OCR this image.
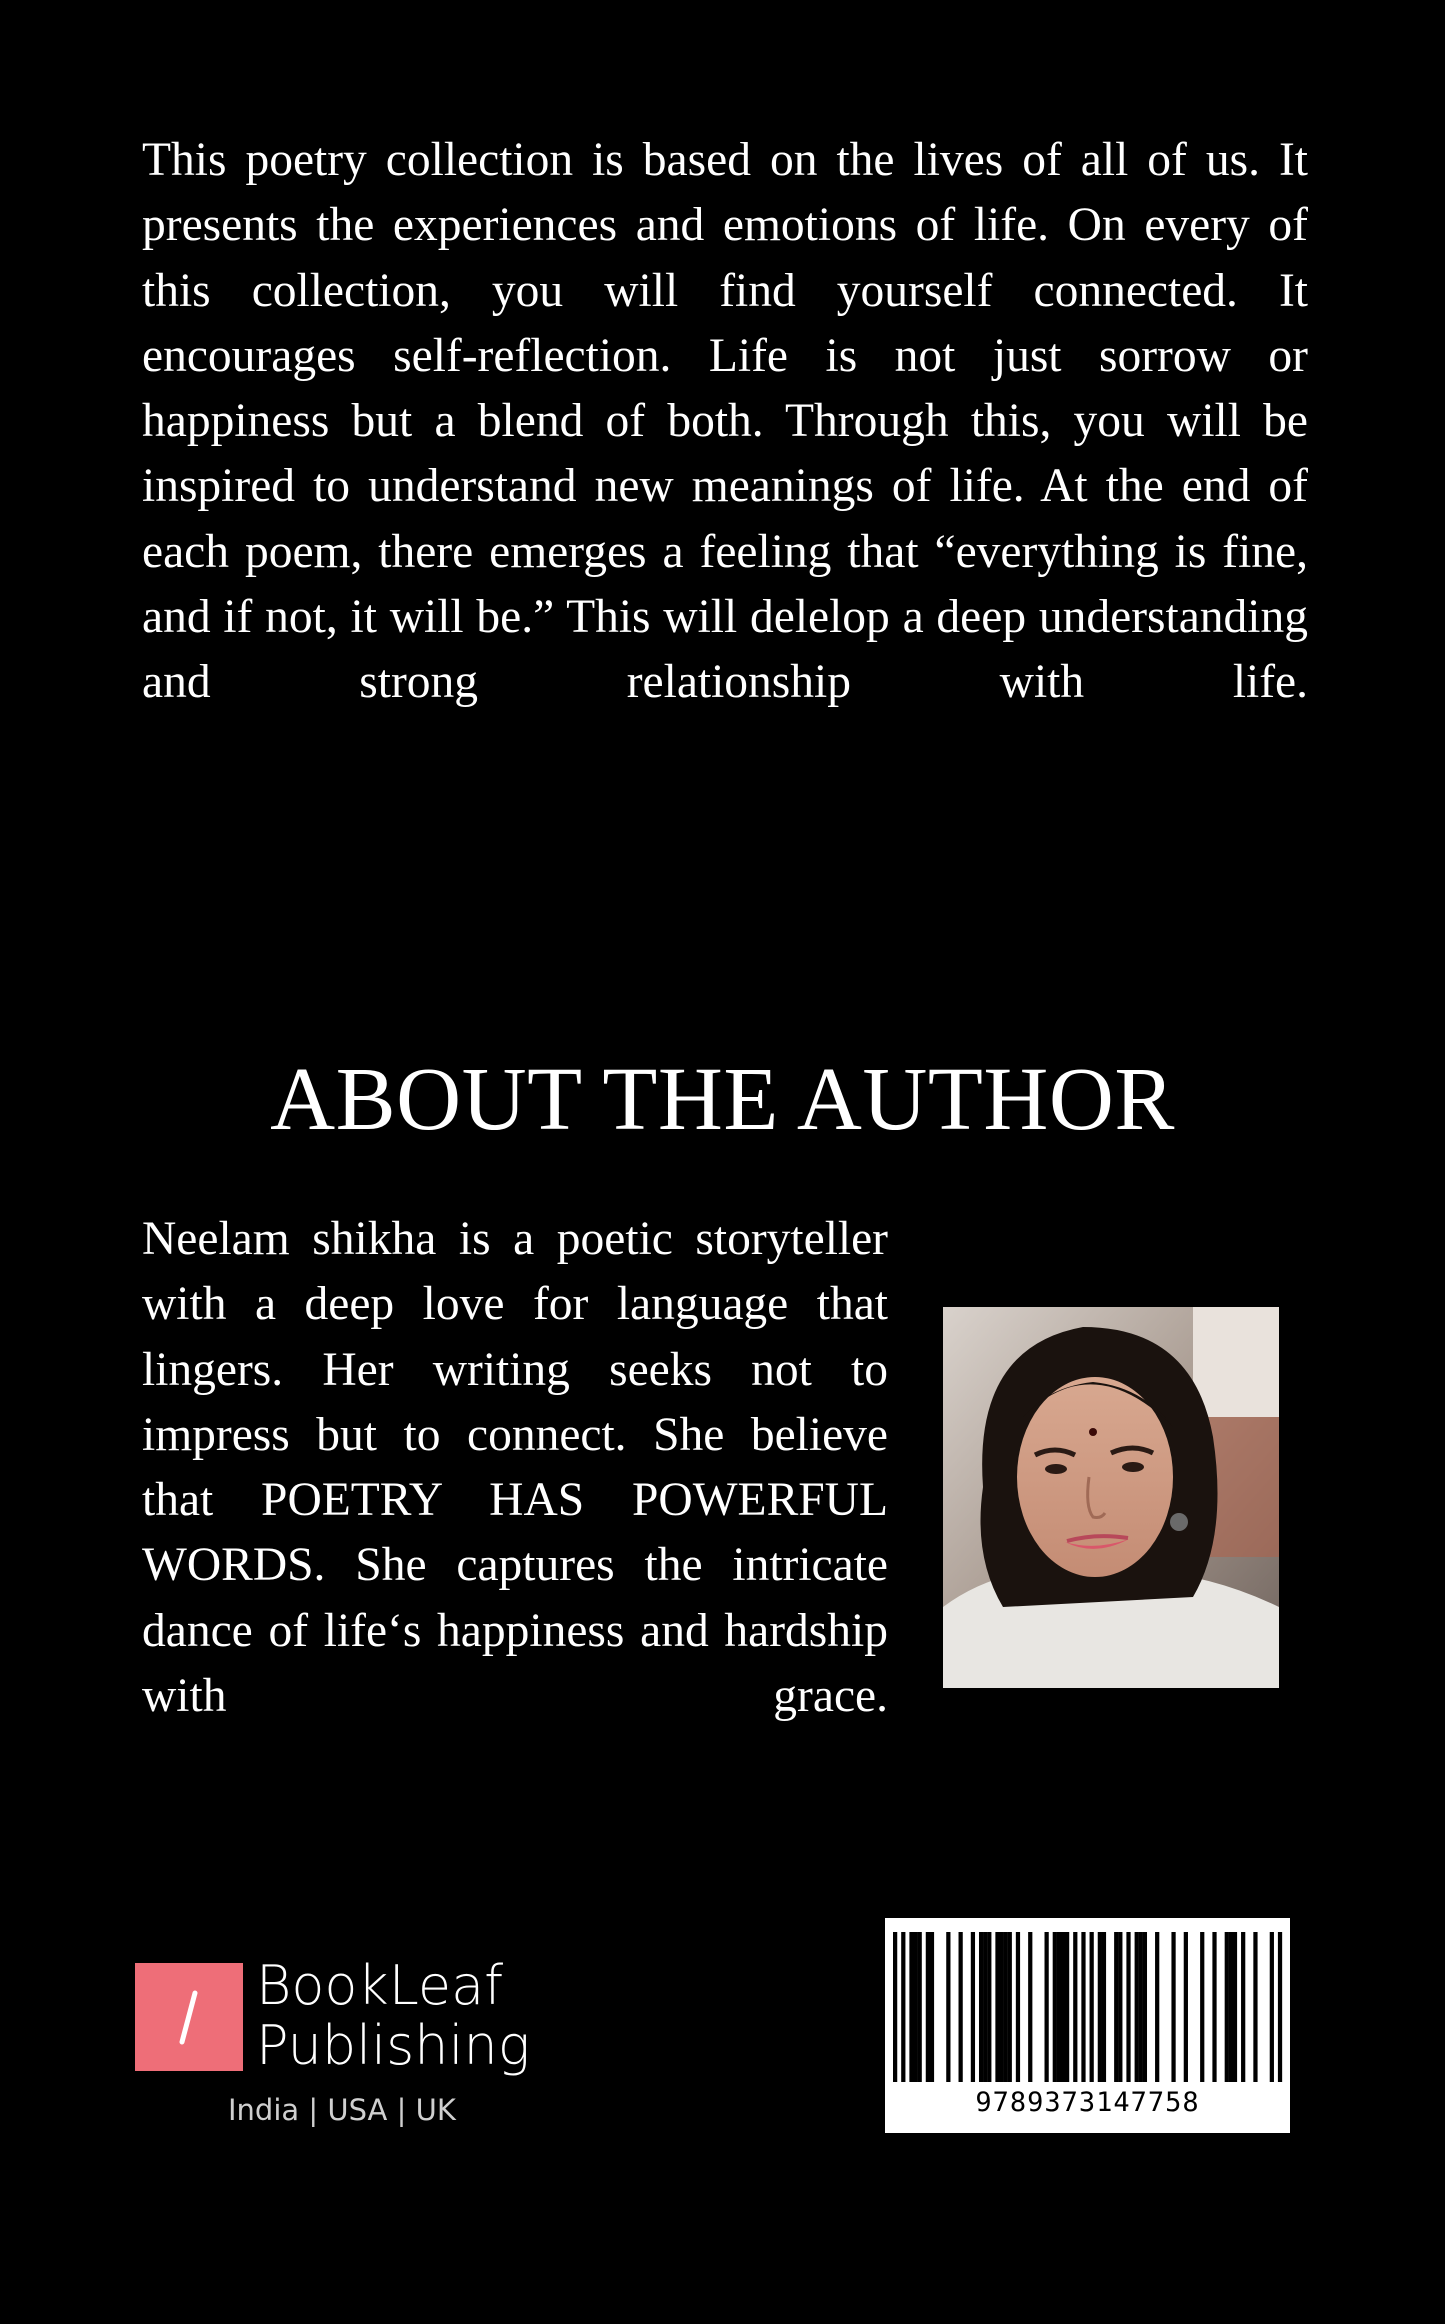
This poetry collection is based on the lives of all of us. It presents the experiences and emotions of life. On every of this collection, you will find yourself connected. It encourages self-reflection. Life is not just sorrow or happiness but a blend of both. Through this, you will be inspired to understand new meanings of life. At the end of each poem, there emerges a feeling that “everything is fine, and if not, it will be.” This will delelop a deep understanding and strong relationship with life.

ABOUT THE AUTHOR

Neelam shikha is a poetic storyteller with a deep love for language that lingers. Her writing seeks not to impress but to connect. She believe that POETRY HAS POWERFUL WORDS. She captures the intricate dance of life‘s happiness and hardship with grace.

BookLeaf
Publishing
India | USA | UK	9789373147758
